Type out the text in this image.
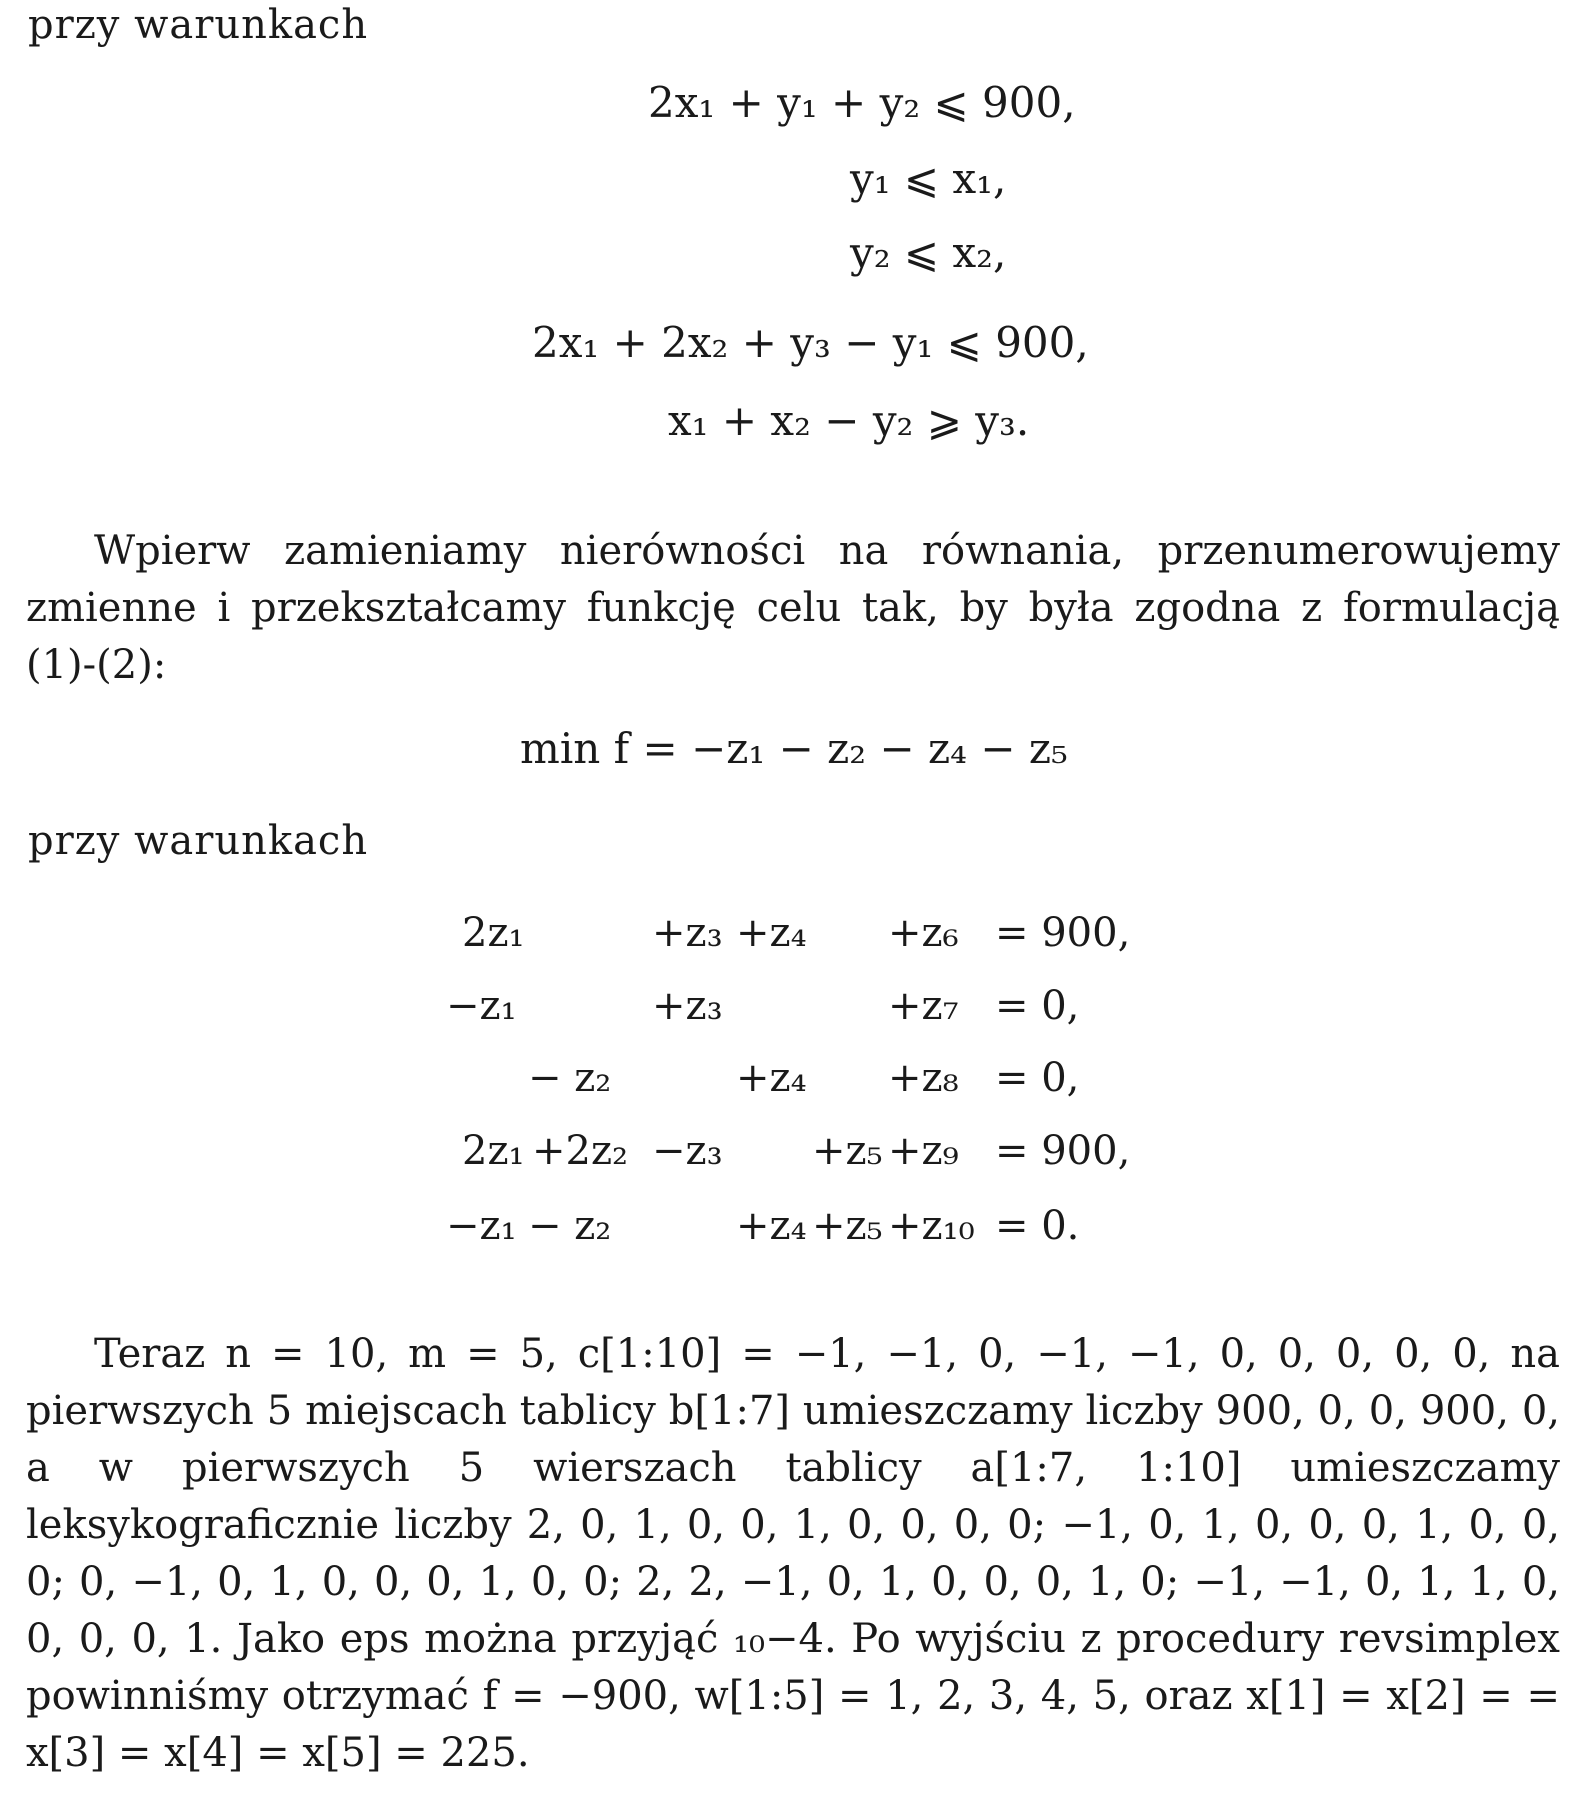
przy warunkach
2x₁ + y₁ + y₂ ⩽ 900,
y₁ ⩽ x₁,
y₂ ⩽ x₂,
2x₁ + 2x₂ + y₃ − y₁ ⩽ 900,
x₁ + x₂ − y₂ ⩾ y₃.
Wpierw zamieniamy nierówności na równania, przenumerowujemy zmienne i przekształcamy funkcję celu tak, by była zgodna z formulacją (1)-(2):
min f = −z₁ − z₂ − z₄ − z₅
przy warunkach
2z₁	+z₃ +z₄ +z₆ = 900,
−z₁	+z₃	+z₇ = 0,
− z₂	+z₄ +z₈ = 0,
2z₁ +2z₂ −z₃ +z₅ +z₉ = 900,
−z₁ − z₂	+z₄ +z₅ +z₁₀ = 0.
Teraz n = 10, m = 5, c[1:10] = −1, −1, 0, −1, −1, 0, 0, 0, 0, 0, na pierwszych 5 miejscach tablicy b[1:7] umieszczamy liczby 900, 0, 0, 900, 0, a w pierwszych 5 wierszach tablicy a[1:7, 1:10] umieszczamy leksykograficznie liczby 2, 0, 1, 0, 0, 1, 0, 0, 0, 0; −1, 0, 1, 0, 0, 0, 1, 0, 0, 0; 0, −1, 0, 1, 0, 0, 0, 1, 0, 0; 2, 2, −1, 0, 1, 0, 0, 0, 1, 0; −1, −1, 0, 1, 1, 0, 0, 0, 0, 1. Jako eps można przyjąć ₁₀−4. Po wyjściu z procedury revsimplex powinniśmy otrzymać f = −900, w[1:5] = 1, 2, 3, 4, 5, oraz x[1] = x[2] = = x[3] = x[4] = x[5] = 225.
